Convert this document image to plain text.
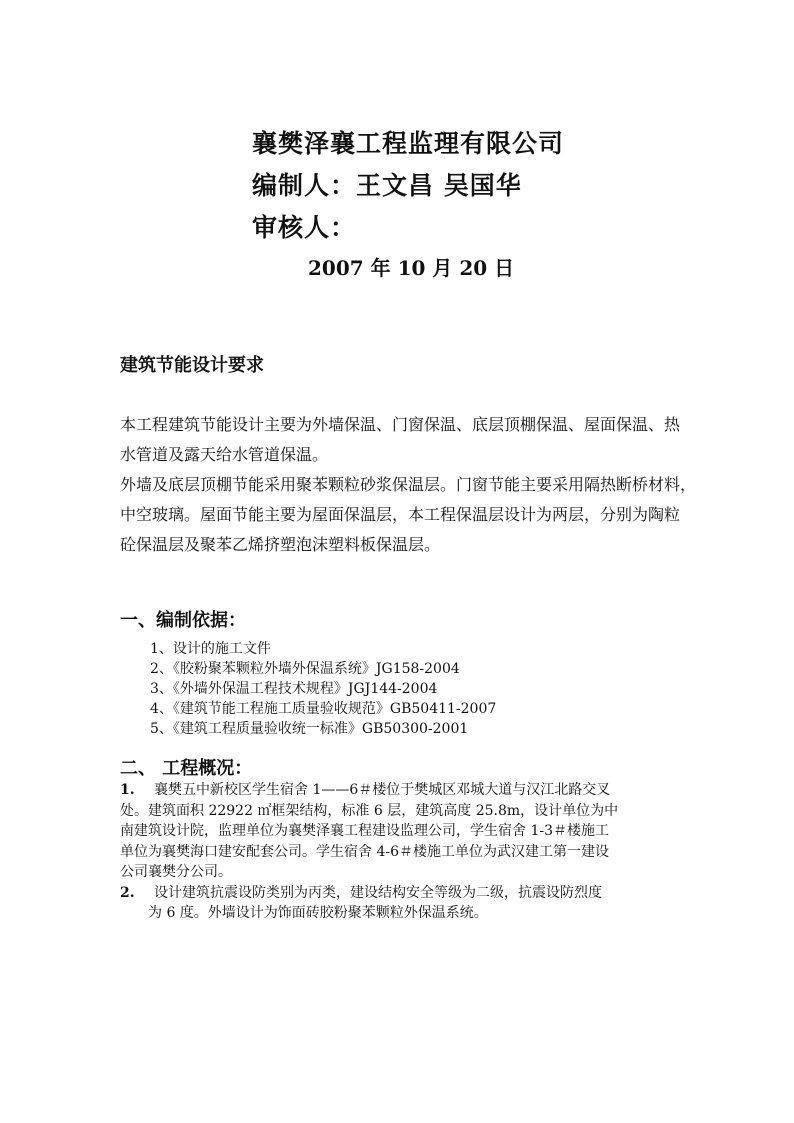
襄樊泽襄工程监理有限公司
编制人：王文昌 吴国华
审核人：
2007 年 10 月 20 日
建筑节能设计要求
本工程建筑节能设计主要为外墙保温、门窗保温、底层顶棚保温、屋面保温、热
水管道及露天给水管道保温。
外墙及底层顶棚节能采用聚苯颗粒砂浆保温层。门窗节能主要采用隔热断桥材料，
中空玻璃。屋面节能主要为屋面保温层，本工程保温层设计为两层，分别为陶粒
砼保温层及聚苯乙烯挤塑泡沫塑料板保温层。
一、编制依据：
1、设计的施工文件
2、《胶粉聚苯颗粒外墙外保温系统》JG158-2004
3、《外墙外保温工程技术规程》JGJ144-2004
4、《建筑节能工程施工质量验收规范》GB50411-2007
5、《建筑工程质量验收统一标准》GB50300-2001
二、 工程概况：
1. 襄樊五中新校区学生宿舍 1——6＃楼位于樊城区邓城大道与汉江北路交叉
处。建筑面积 22922 ㎡框架结构，标准 6 层，建筑高度 25.8m，设计单位为中
南建筑设计院，监理单位为襄樊泽襄工程建设监理公司，学生宿舍 1-3＃楼施工
单位为襄樊海口建安配套公司。学生宿舍 4-6＃楼施工单位为武汉建工第一建设
公司襄樊分公司。
2. 设计建筑抗震设防类别为丙类，建设结构安全等级为二级，抗震设防烈度
为 6 度。外墙设计为饰面砖胶粉聚苯颗粒外保温系统。
